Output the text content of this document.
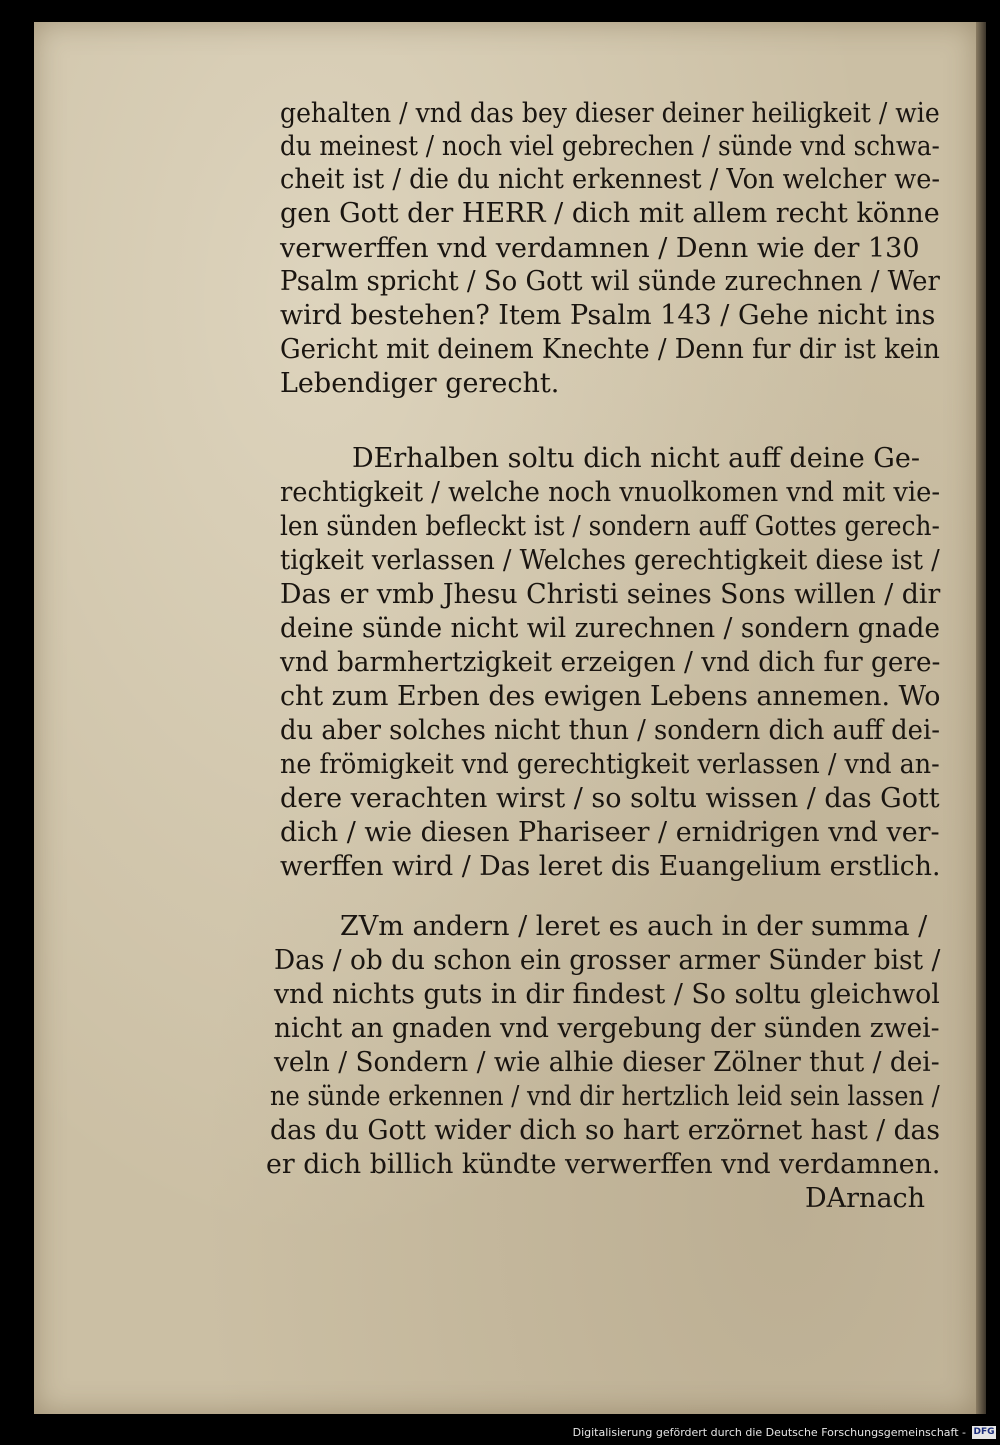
gehalten / vnd das bey dieser deiner heiligkeit / wie
du meinest / noch viel gebrechen / sünde vnd schwa-
cheit ist / die du nicht erkennest / Von welcher we-
gen Gott der HERR / dich mit allem recht könne
verwerffen vnd verdamnen / Denn wie der 130
Psalm spricht / So Gott wil sünde zurechnen / Wer
wird bestehen? Item Psalm 143 / Gehe nicht ins
Gericht mit deinem Knechte / Denn fur dir ist kein
Lebendiger gerecht.
DErhalben soltu dich nicht auff deine Ge-
rechtigkeit / welche noch vnuolkomen vnd mit vie-
len sünden befleckt ist / sondern auff Gottes gerech-
tigkeit verlassen / Welches gerechtigkeit diese ist /
Das er vmb Jhesu Christi seines Sons willen / dir
deine sünde nicht wil zurechnen / sondern gnade
vnd barmhertzigkeit erzeigen / vnd dich fur gere-
cht zum Erben des ewigen Lebens annemen. Wo
du aber solches nicht thun / sondern dich auff dei-
ne frömigkeit vnd gerechtigkeit verlassen / vnd an-
dere verachten wirst / so soltu wissen / das Gott
dich / wie diesen Phariseer / ernidrigen vnd ver-
werffen wird / Das leret dis Euangelium erstlich.
ZVm andern / leret es auch in der summa /
Das / ob du schon ein grosser armer Sünder bist /
vnd nichts guts in dir findest / So soltu gleichwol
nicht an gnaden vnd vergebung der sünden zwei-
veln / Sondern / wie alhie dieser Zölner thut / dei-
ne sünde erkennen / vnd dir hertzlich leid sein lassen /
das du Gott wider dich so hart erzörnet hast / das
er dich billich kündte verwerffen vnd verdamnen.
DArnach
Digitalisierung gefördert durch die Deutsche Forschungsgemeinschaft - DFG
